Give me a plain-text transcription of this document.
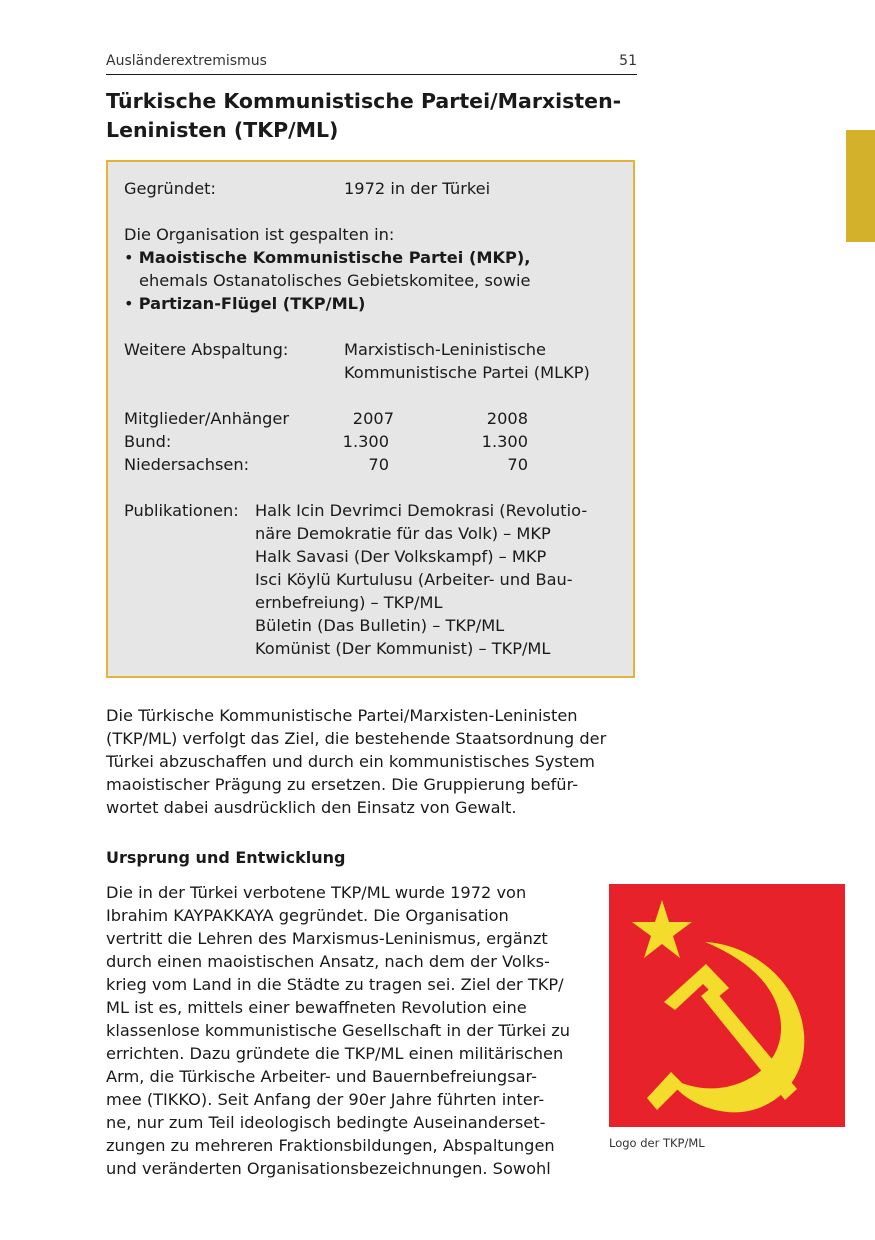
Ausländerextremismus	51
Türkische Kommunistische Partei/Marxisten-
Leninisten (TKP/ML)
Gegründet:	1972 in der Türkei
Die Organisation ist gespalten in:
• Maoistische Kommunistische Partei (MKP),
ehemals Ostanatolisches Gebietskomitee, sowie
• Partizan-Flügel (TKP/ML)
Weitere Abspaltung:	Marxistisch-Leninistische
Kommunistische Partei (MLKP)
Mitglieder/Anhänger	2007	2008
Bund:	1.300	1.300
Niedersachsen:	70	70
Publikationen: Halk Icin Devrimci Demokrasi (Revolutio-
näre Demokratie für das Volk) – MKP
Halk Savasi (Der Volkskampf) – MKP
Isci Köylü Kurtulusu (Arbeiter- und Bau-
ernbefreiung) – TKP/ML
Bületin (Das Bulletin) – TKP/ML
Komünist (Der Kommunist) – TKP/ML
Die Türkische Kommunistische Partei/Marxisten-Leninisten
(TKP/ML) verfolgt das Ziel, die bestehende Staatsordnung der
Türkei abzuschaffen und durch ein kommunistisches System
maoistischer Prägung zu ersetzen. Die Gruppierung befür-
wortet dabei ausdrücklich den Einsatz von Gewalt.
Ursprung und Entwicklung
Die in der Türkei verbotene TKP/ML wurde 1972 von
Ibrahim KAYPAKKAYA gegründet. Die Organisation
vertritt die Lehren des Marxismus-Leninismus, ergänzt
durch einen maoistischen Ansatz, nach dem der Volks-
krieg vom Land in die Städte zu tragen sei. Ziel der TKP/
ML ist es, mittels einer bewaffneten Revolution eine
klassenlose kommunistische Gesellschaft in der Türkei zu
errichten. Dazu gründete die TKP/ML einen militärischen
Arm, die Türkische Arbeiter- und Bauernbefreiungsar-
mee (TIKKO). Seit Anfang der 90er Jahre führten inter-
ne, nur zum Teil ideologisch bedingte Auseinanderset-
zungen zu mehreren Fraktionsbildungen, Abspaltungen
und veränderten Organisationsbezeichnungen. Sowohl
Logo der TKP/ML
